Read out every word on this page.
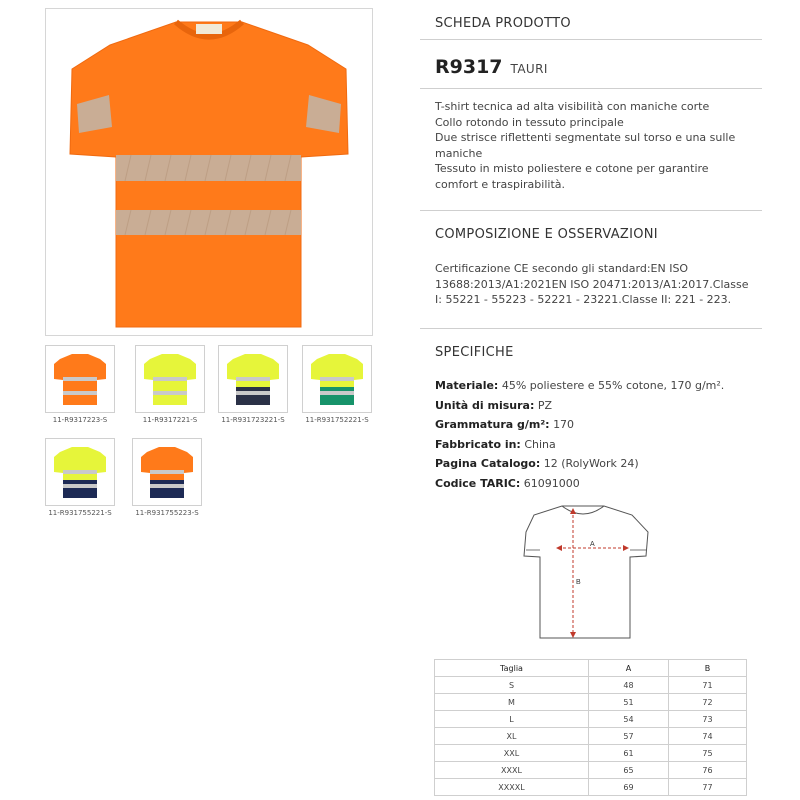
11-R9317223-S	11-R9317221-S	11-R931723221-S	11-R931752221-S
11-R931755221-S	11-R931755223-S
SCHEDA PRODOTTO
R9317 TAURI
T-shirt tecnica ad alta visibilità con maniche corte
Collo rotondo in tessuto principale
Due strisce riflettenti segmentate sul torso e una sulle
maniche
Tessuto in misto poliestere e cotone per garantire
comfort e traspirabilità.
COMPOSIZIONE E OSSERVAZIONI
Certificazione CE secondo gli standard:EN ISO 13688:2013/A1:2021EN ISO 20471:2013/A1:2017.Classe I: 55221 - 55223 - 52221 - 23221.Classe II: 221 - 223.
SPECIFICHE
Materiale: 45% poliestere e 55% cotone, 170 g/m².
Unità di misura: PZ
Grammatura g/m²: 170
Fabbricato in: China
Pagina Catalogo: 12 (RolyWork 24)
Codice TARIC: 61091000
A
B
Taglia	A	B
S	48	71
M	51	72
L	54	73
XL	57	74
XXL	61	75
XXXL	65	76
XXXXL	69	77
